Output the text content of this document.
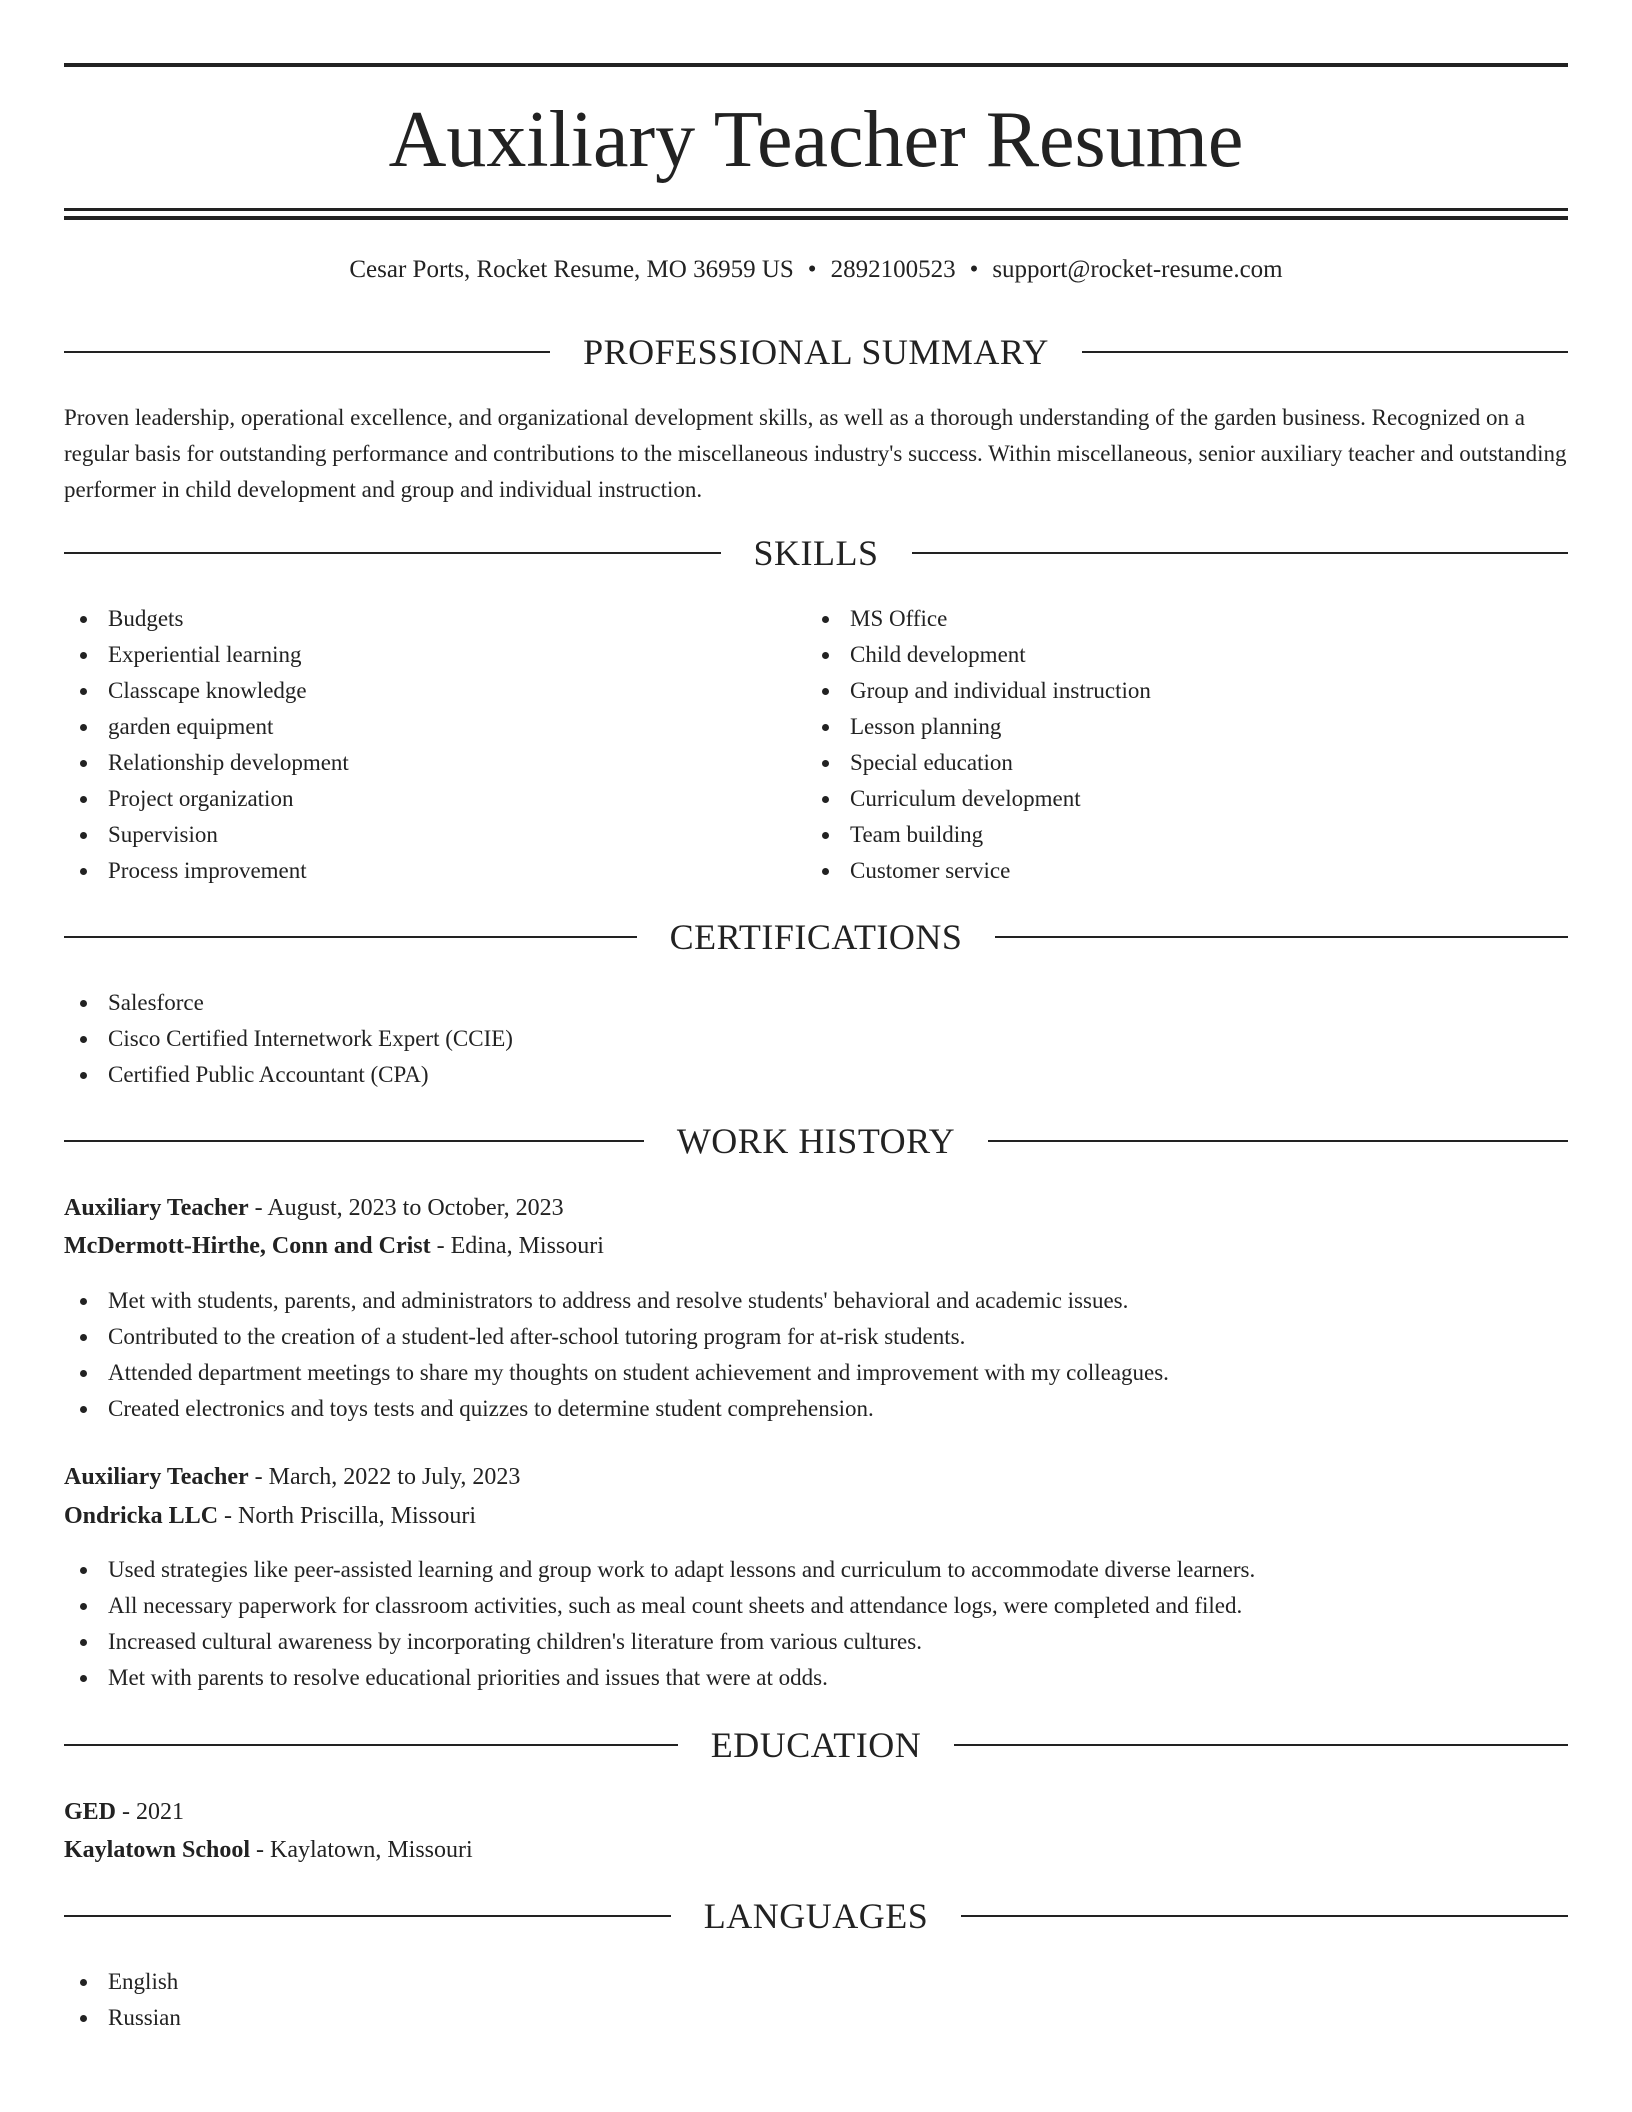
Auxiliary Teacher Resume
Cesar Ports, Rocket Resume, MO 36959 US • 2892100523 • support@rocket-resume.com
PROFESSIONAL SUMMARY

Proven leadership, operational excellence, and organizational development skills, as well as a thorough understanding of the garden business. Recognized on a regular basis for outstanding performance and contributions to the miscellaneous industry's success. Within miscellaneous, senior auxiliary teacher and outstanding performer in child development and group and individual instruction.

SKILLS
Budgets
Experiential learning
Classcape knowledge
garden equipment
Relationship development
Project organization
Supervision
Process improvement
MS Office
Child development
Group and individual instruction
Lesson planning
Special education
Curriculum development
Team building
Customer service
CERTIFICATIONS
Salesforce
Cisco Certified Internetwork Expert (CCIE)
Certified Public Accountant (CPA)
WORK HISTORY
Auxiliary Teacher - August, 2023 to October, 2023
McDermott-Hirthe, Conn and Crist - Edina, Missouri
Met with students, parents, and administrators to address and resolve students' behavioral and academic issues.
Contributed to the creation of a student-led after-school tutoring program for at-risk students.
Attended department meetings to share my thoughts on student achievement and improvement with my colleagues.
Created electronics and toys tests and quizzes to determine student comprehension.
Auxiliary Teacher - March, 2022 to July, 2023
Ondricka LLC - North Priscilla, Missouri
Used strategies like peer-assisted learning and group work to adapt lessons and curriculum to accommodate diverse learners.
All necessary paperwork for classroom activities, such as meal count sheets and attendance logs, were completed and filed.
Increased cultural awareness by incorporating children's literature from various cultures.
Met with parents to resolve educational priorities and issues that were at odds.
EDUCATION
GED - 2021
Kaylatown School - Kaylatown, Missouri
LANGUAGES
English
Russian
